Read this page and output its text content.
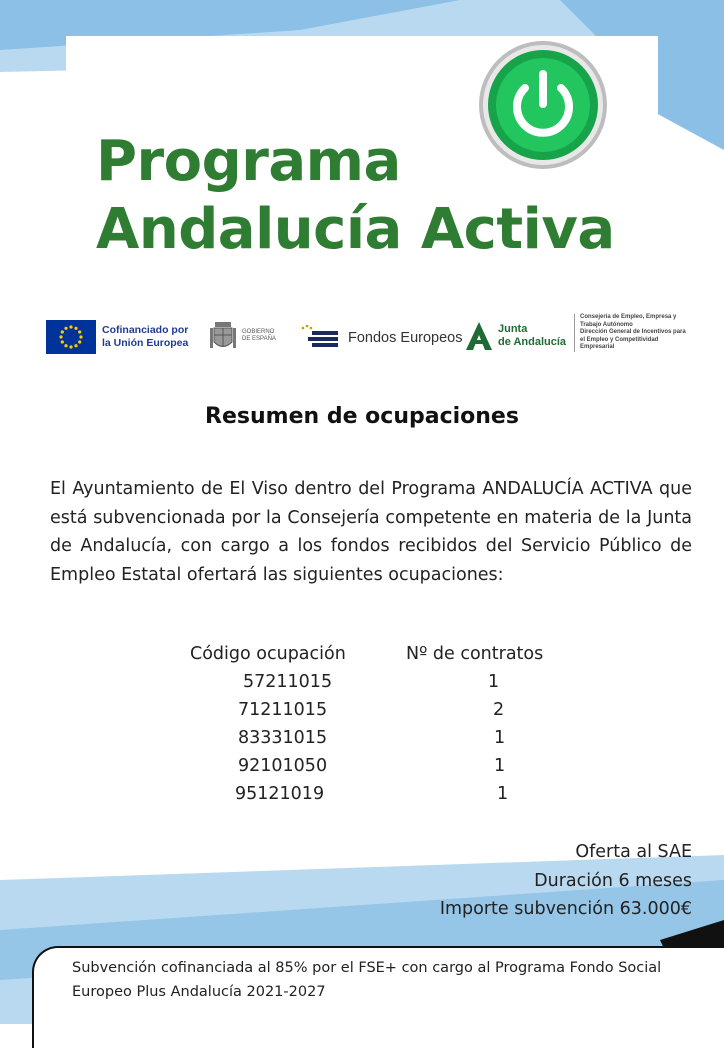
Programa
Andalucía Activa
Cofinanciado por
la Unión Europea
GOBIERNO
DE ESPAÑA	Fondos Europeos
Junta
de Andalucía
Consejería de Empleo, Empresa y Trabajo Autónomo
Dirección General de Incentivos para el Empleo y Competitividad Empresarial
Resumen de ocupaciones

El Ayuntamiento de El Viso dentro del Programa ANDALUCÍA ACTIVA que está subvencionada por la Consejería competente en materia de la Junta de Andalucía, con cargo a los fondos recibidos del Servicio Público de Empleo Estatal ofertará las siguientes ocupaciones:

Código ocupación	Nº de contratos
57211015	1
71211015	2
83331015	1
92101050	1
95121019	1
Oferta al SAE
Duración 6 meses
Importe subvención 63.000€

Subvención cofinanciada al 85% por el FSE+ con cargo al Programa Fondo Social Europeo Plus Andalucía 2021-2027
